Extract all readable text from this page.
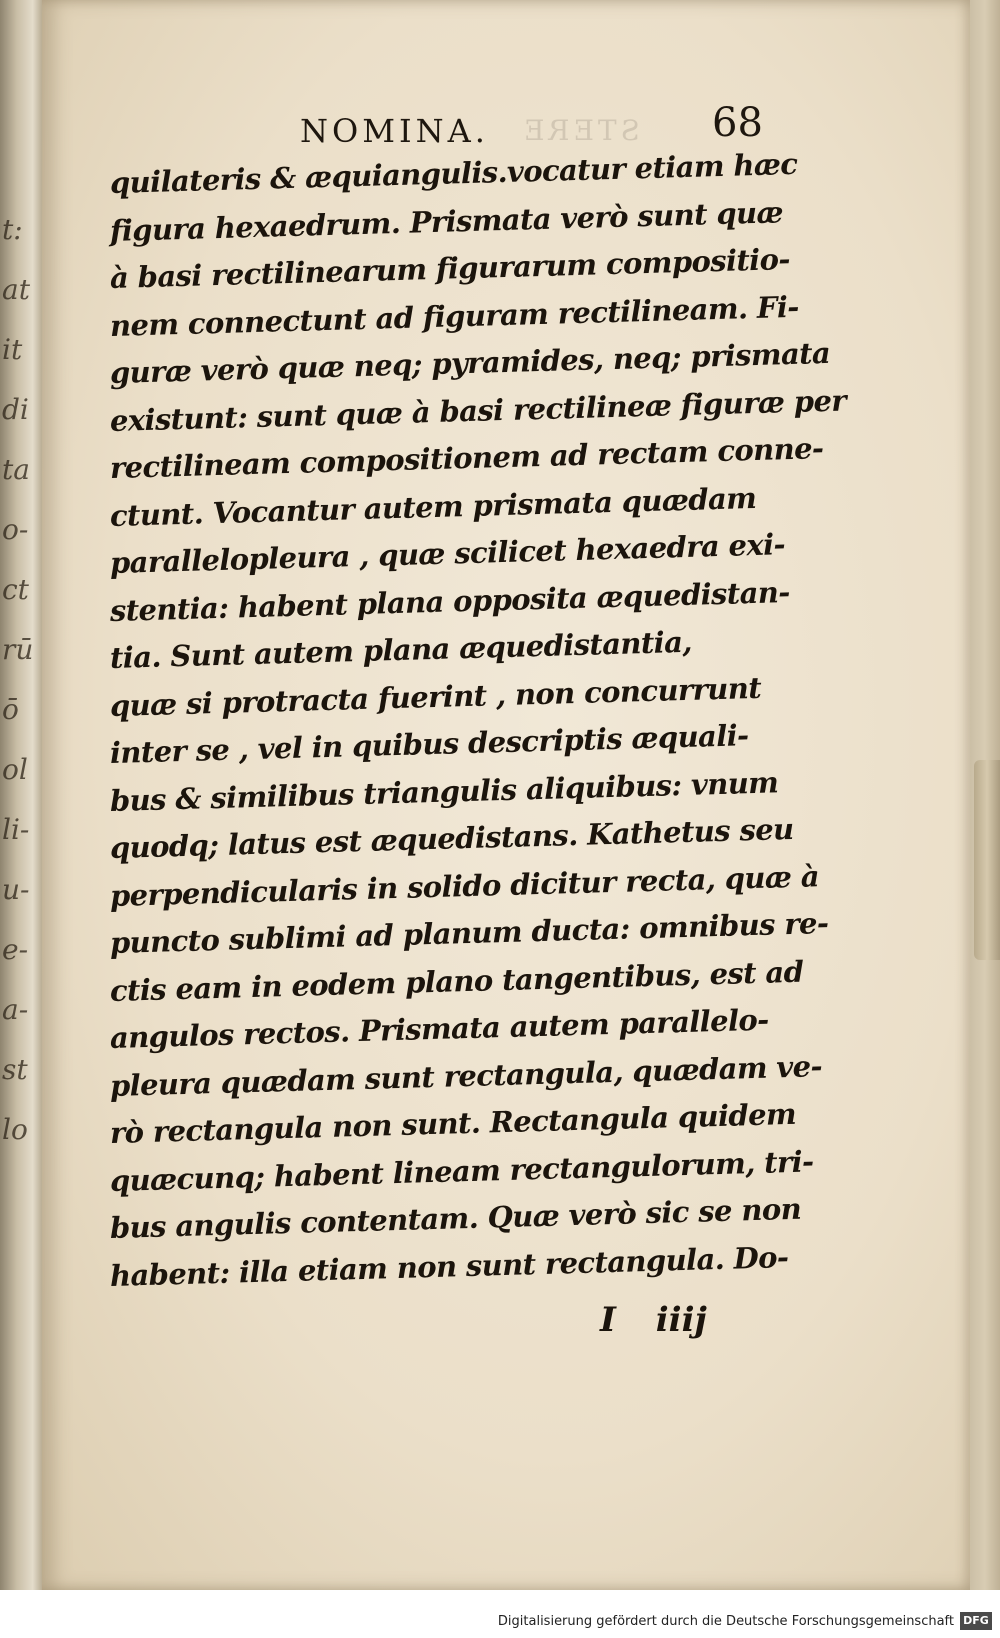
t:
at
it
di
ta
o-
ct
rū
ō
ol
li-
u-
e-
a-
st
lo
STERE
NOMINA.	68
quilateris & æquiangulis.vocatur etiam hæc
figura hexaedrum. Prismata verò sunt quæ
à basi rectilinearum figurarum compositio-
nem connectunt ad figuram rectilineam. Fi-
guræ verò quæ neq; pyramides, neq; prismata
existunt: sunt quæ à basi rectilineæ figuræ per
rectilineam compositionem ad rectam conne-
ctunt. Vocantur autem prismata quædam
parallelopleura , quæ scilicet hexaedra exi-
stentia: habent plana opposita æquedistan-
tia. Sunt autem plana æquedistantia,
quæ si protracta fuerint , non concurrunt
inter se , vel in quibus descriptis æquali-
bus & similibus triangulis aliquibus: vnum
quodq; latus est æquedistans. Kathetus seu
perpendicularis in solido dicitur recta, quæ à
puncto sublimi ad planum ducta: omnibus re-
ctis eam in eodem plano tangentibus, est ad
angulos rectos. Prismata autem parallelo-
pleura quædam sunt rectangula, quædam ve-
rò rectangula non sunt. Rectangula quidem
quæcunq; habent lineam rectangulorum, tri-
bus angulis contentam. Quæ verò sic se non
habent: illa etiam non sunt rectangula. Do-
I iiij
Digitalisierung gefördert durch die Deutsche Forschungsgemeinschaft DFG
